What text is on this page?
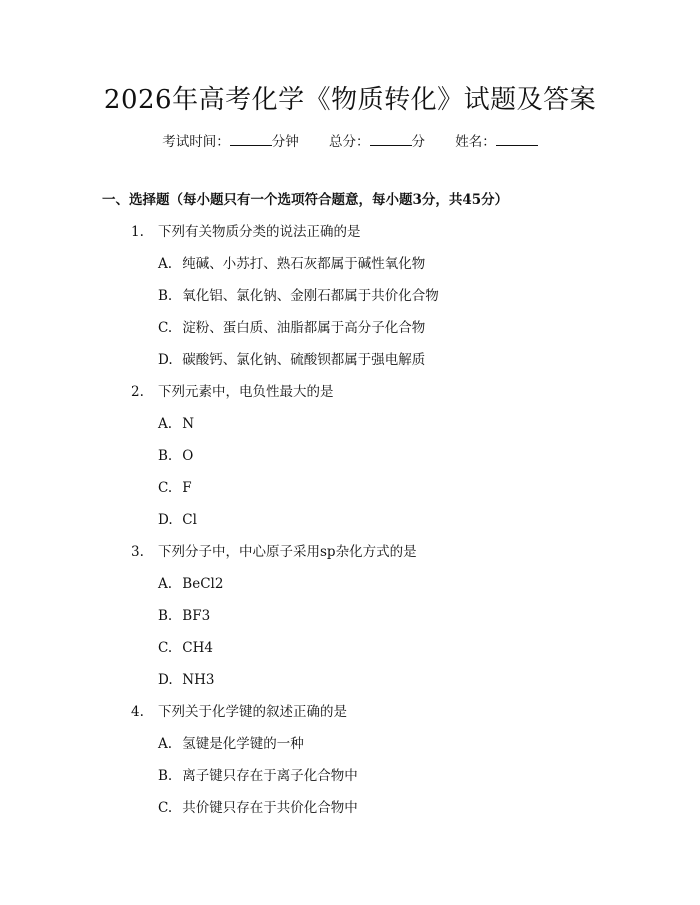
2026年高考化学《物质转化》试题及答案
考试时间：	分钟 总分：	分 姓名：
一、选择题（每小题只有一个选项符合题意，每小题3分，共45分）
1. 下列有关物质分类的说法正确的是
A. 纯碱、小苏打、熟石灰都属于碱性氧化物
B. 氧化铝、氯化钠、金刚石都属于共价化合物
C. 淀粉、蛋白质、油脂都属于高分子化合物
D. 碳酸钙、氯化钠、硫酸钡都属于强电解质
2. 下列元素中，电负性最大的是
A. N
B. O
C. F
D. Cl
3. 下列分子中，中心原子采用sp杂化方式的是
A. BeCl2
B. BF3
C. CH4
D. NH3
4. 下列关于化学键的叙述正确的是
A. 氢键是化学键的一种
B. 离子键只存在于离子化合物中
C. 共价键只存在于共价化合物中
